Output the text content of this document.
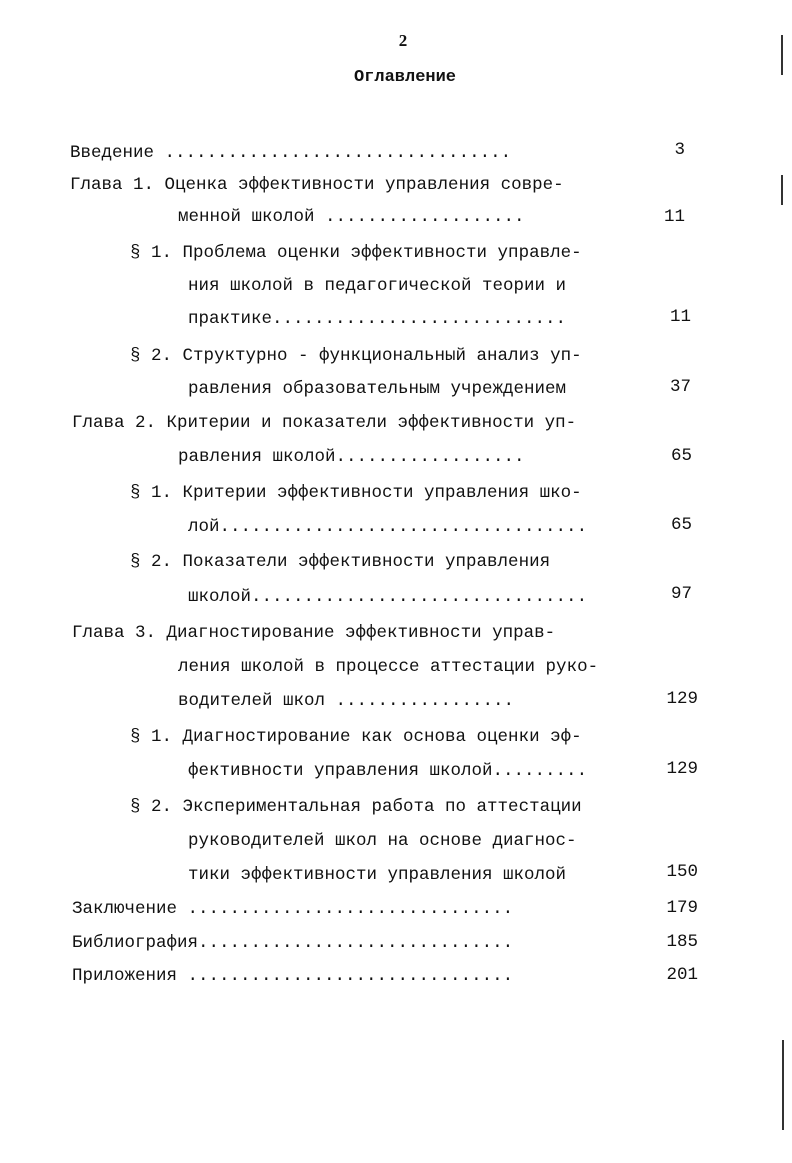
2
Оглавление
Введение .................................	3
Глава 1. Оценка эффективности управления совре-
менной школой ...................	11
§ 1. Проблема оценки эффективности управле-
ния школой в педагогической теории и
практике............................	11
§ 2. Структурно - функциональный анализ уп-
равления образовательным учреждением	37
Глава 2. Критерии и показатели эффективности уп-
равления школой..................	65
§ 1. Критерии эффективности управления шко-
лой...................................	65
§ 2. Показатели эффективности управления
школой................................	97
Глава 3. Диагностирование эффективности управ-
ления школой в процессе аттестации руко-
водителей школ .................	129
§ 1. Диагностирование как основа оценки эф-
фективности управления школой.........	129
§ 2. Экспериментальная работа по аттестации
руководителей школ на основе диагнос-
тики эффективности управления школой	150
Заключение ...............................	179
Библиография..............................	185
Приложения ...............................	201
